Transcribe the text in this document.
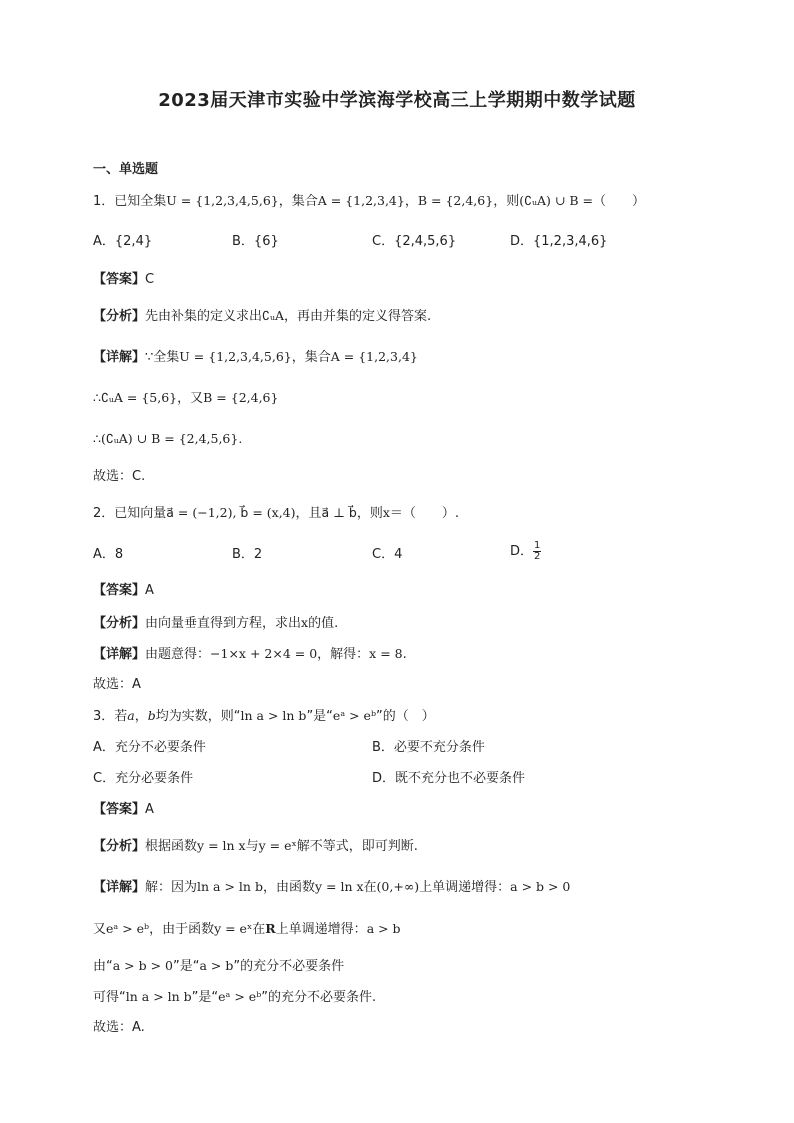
2023届天津市实验中学滨海学校高三上学期期中数学试题
一、单选题
1．已知全集U = {1,2,3,4,5,6}，集合A = {1,2,3,4}，B = {2,4,6}，则(∁ᵤA) ∪ B =（　　）
A．{2,4}	B．{6}	C．{2,4,5,6}	D．{1,2,3,4,6}
【答案】C
【分析】先由补集的定义求出∁ᵤA，再由并集的定义得答案.
【详解】∵全集U = {1,2,3,4,5,6}，集合A = {1,2,3,4}
∴∁ᵤA = {5,6}，又B = {2,4,6}
∴(∁ᵤA) ∪ B = {2,4,5,6}.
故选：C.
2．已知向量a⃗ = (−1,2), b⃗ = (x,4)，且a⃗ ⊥ b⃗，则x＝（　　）.
A．8	B．2	C．4	D． $\frac{1}{2}$
【答案】A
【分析】由向量垂直得到方程，求出x的值.
【详解】由题意得：−1×x + 2×4 = 0，解得：x = 8.
故选：A
3．若a，b均为实数，则“ln a > ln b”是“eᵃ > eᵇ”的（　）
A．充分不必要条件	B．必要不充分条件
C．充分必要条件	D．既不充分也不必要条件
【答案】A
【分析】根据函数y = ln x与y = eˣ解不等式，即可判断.
【详解】解：因为ln a > ln b，由函数y = ln x在(0,+∞)上单调递增得：a > b > 0
又eᵃ > eᵇ，由于函数y = eˣ在R上单调递增得：a > b
由“a > b > 0”是“a > b”的充分不必要条件
可得“ln a > ln b”是“eᵃ > eᵇ”的充分不必要条件.
故选：A.
